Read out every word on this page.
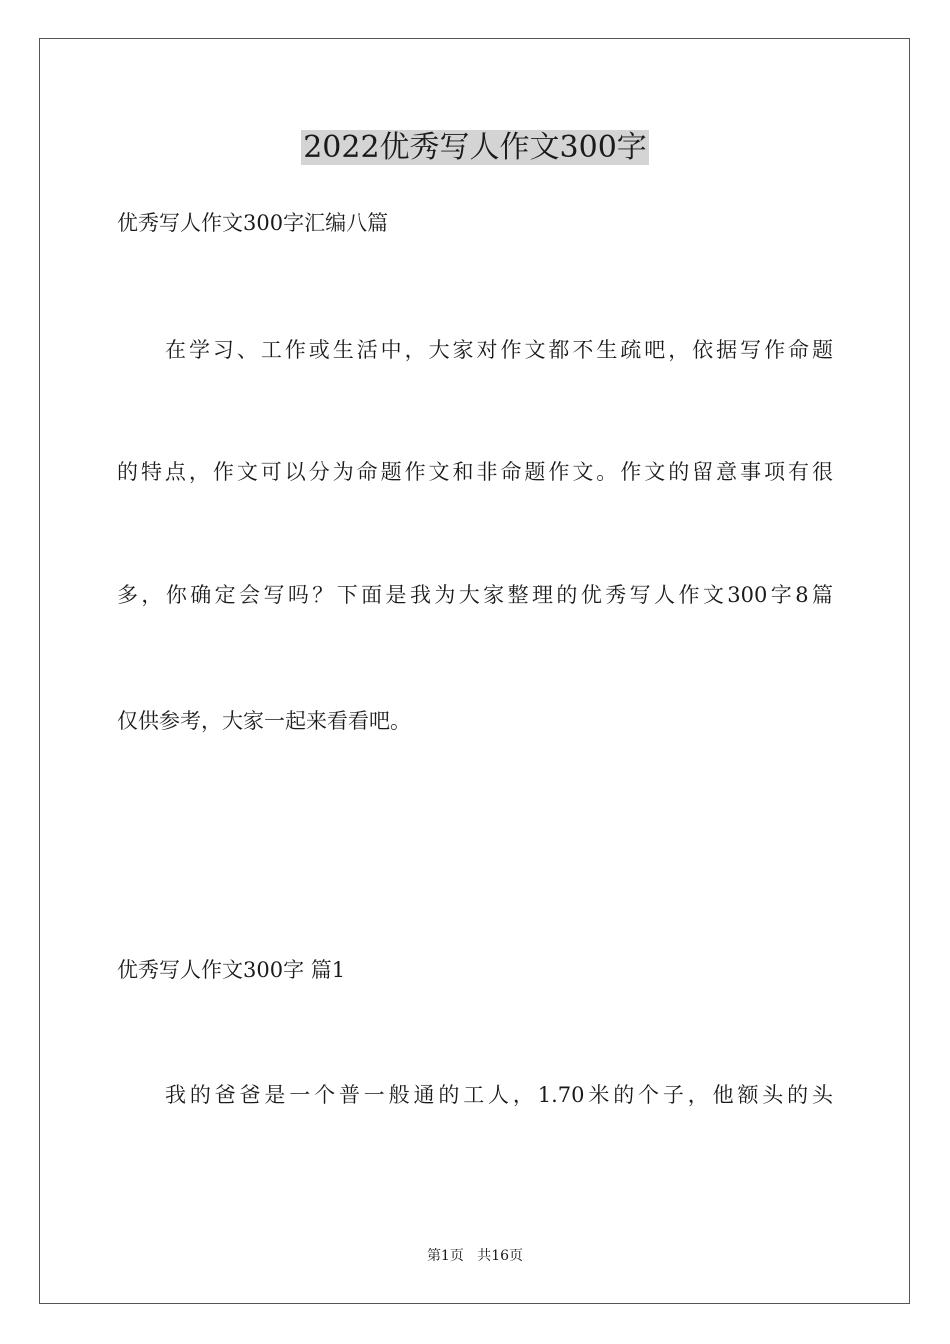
2022优秀写人作文300字
优秀写人作文300字汇编八篇
在学习、工作或生活中，大家对作文都不生疏吧，依据写作命题
的特点，作文可以分为命题作文和非命题作文。作文的留意事项有很
多，你确定会写吗？下面是我为大家整理的优秀写人作文300字8篇
仅供参考，大家一起来看看吧。
优秀写人作文300字 篇1
我的爸爸是一个普一般通的工人，1.70米的个子，他额头的头
第1页 共16页
